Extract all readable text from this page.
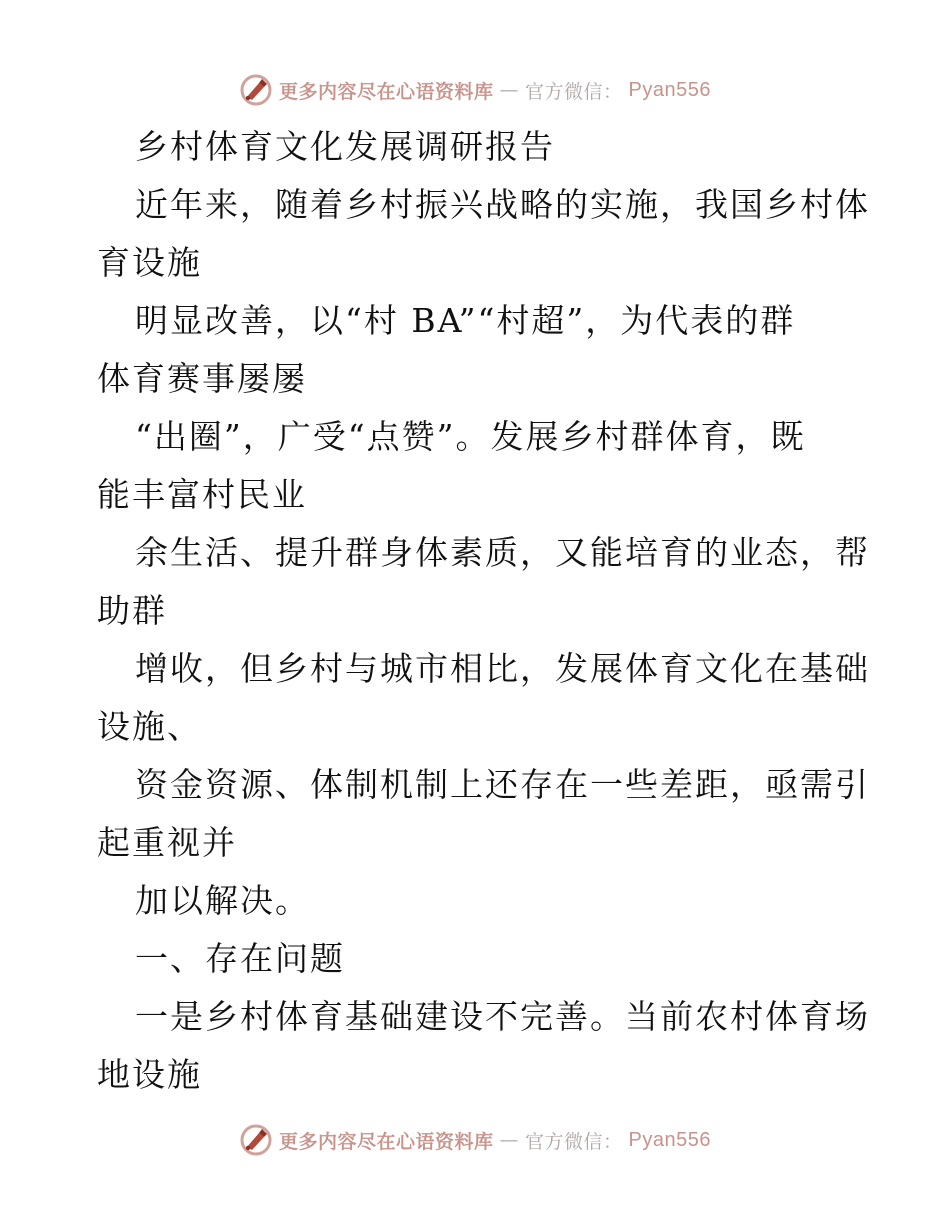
更多内容尽在心语资料库 — 官方微信： Pyan556
乡村体育文化发展调研报告
近年来，随着乡村振兴战略的实施，我国乡村体
育设施
明显改善，以“村 BA”“村超”，为代表的群
体育赛事屡屡
“出圈”，广受“点赞”。发展乡村群体育，既
能丰富村民业
余生活、提升群身体素质，又能培育的业态，帮
助群
增收，但乡村与城市相比，发展体育文化在基础
设施、
资金资源、体制机制上还存在一些差距，亟需引
起重视并
加以解决。
一、存在问题
一是乡村体育基础建设不完善。当前农村体育场
地设施
更多内容尽在心语资料库 — 官方微信： Pyan556
